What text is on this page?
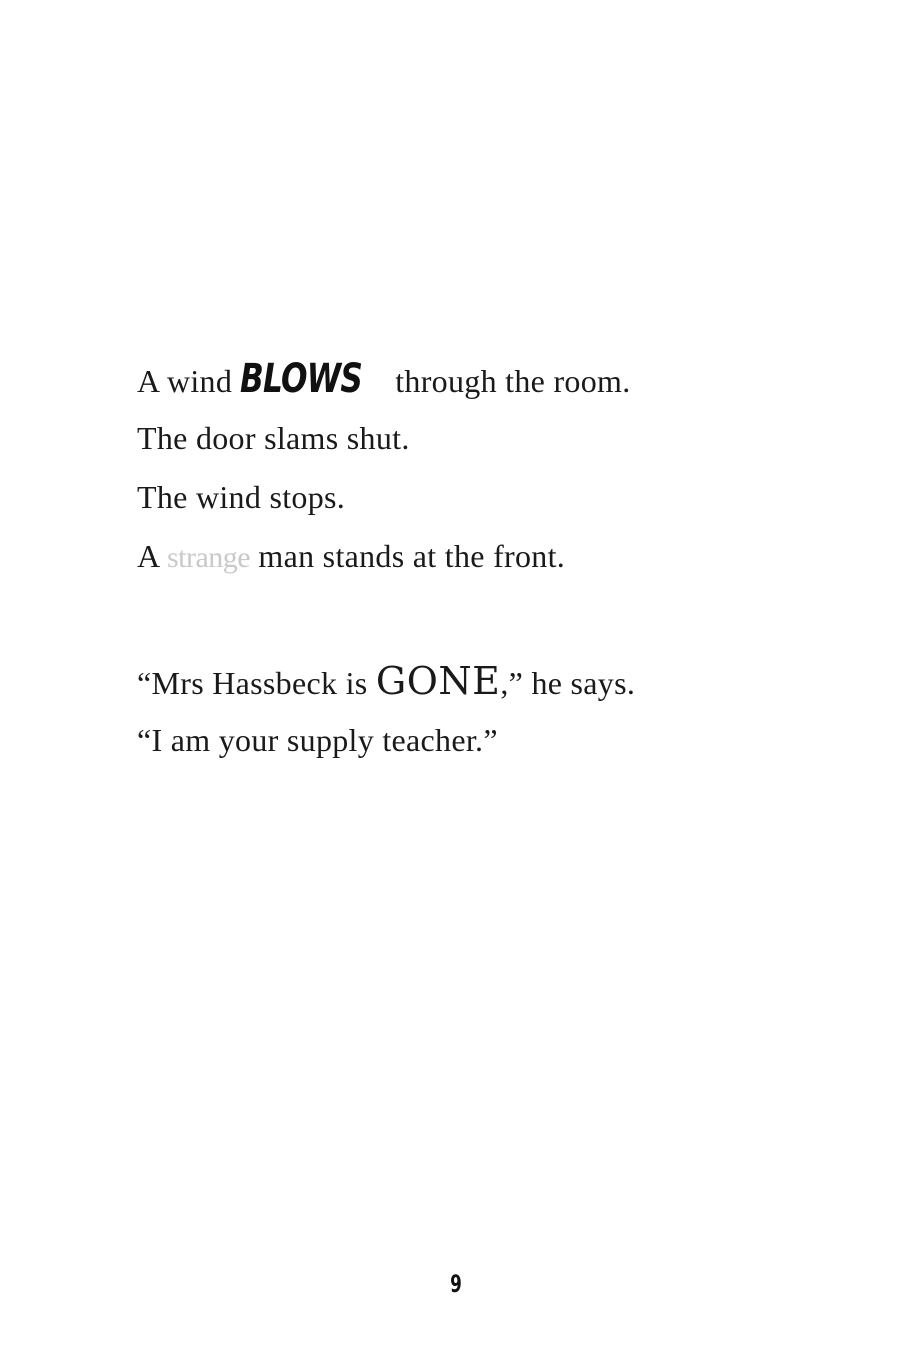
A wind BLOWS through the room.
The door slams shut.
The wind stops.
A strange man stands at the front.
“Mrs Hassbeck is GONE,” he says.
“I am your supply teacher.”
9
